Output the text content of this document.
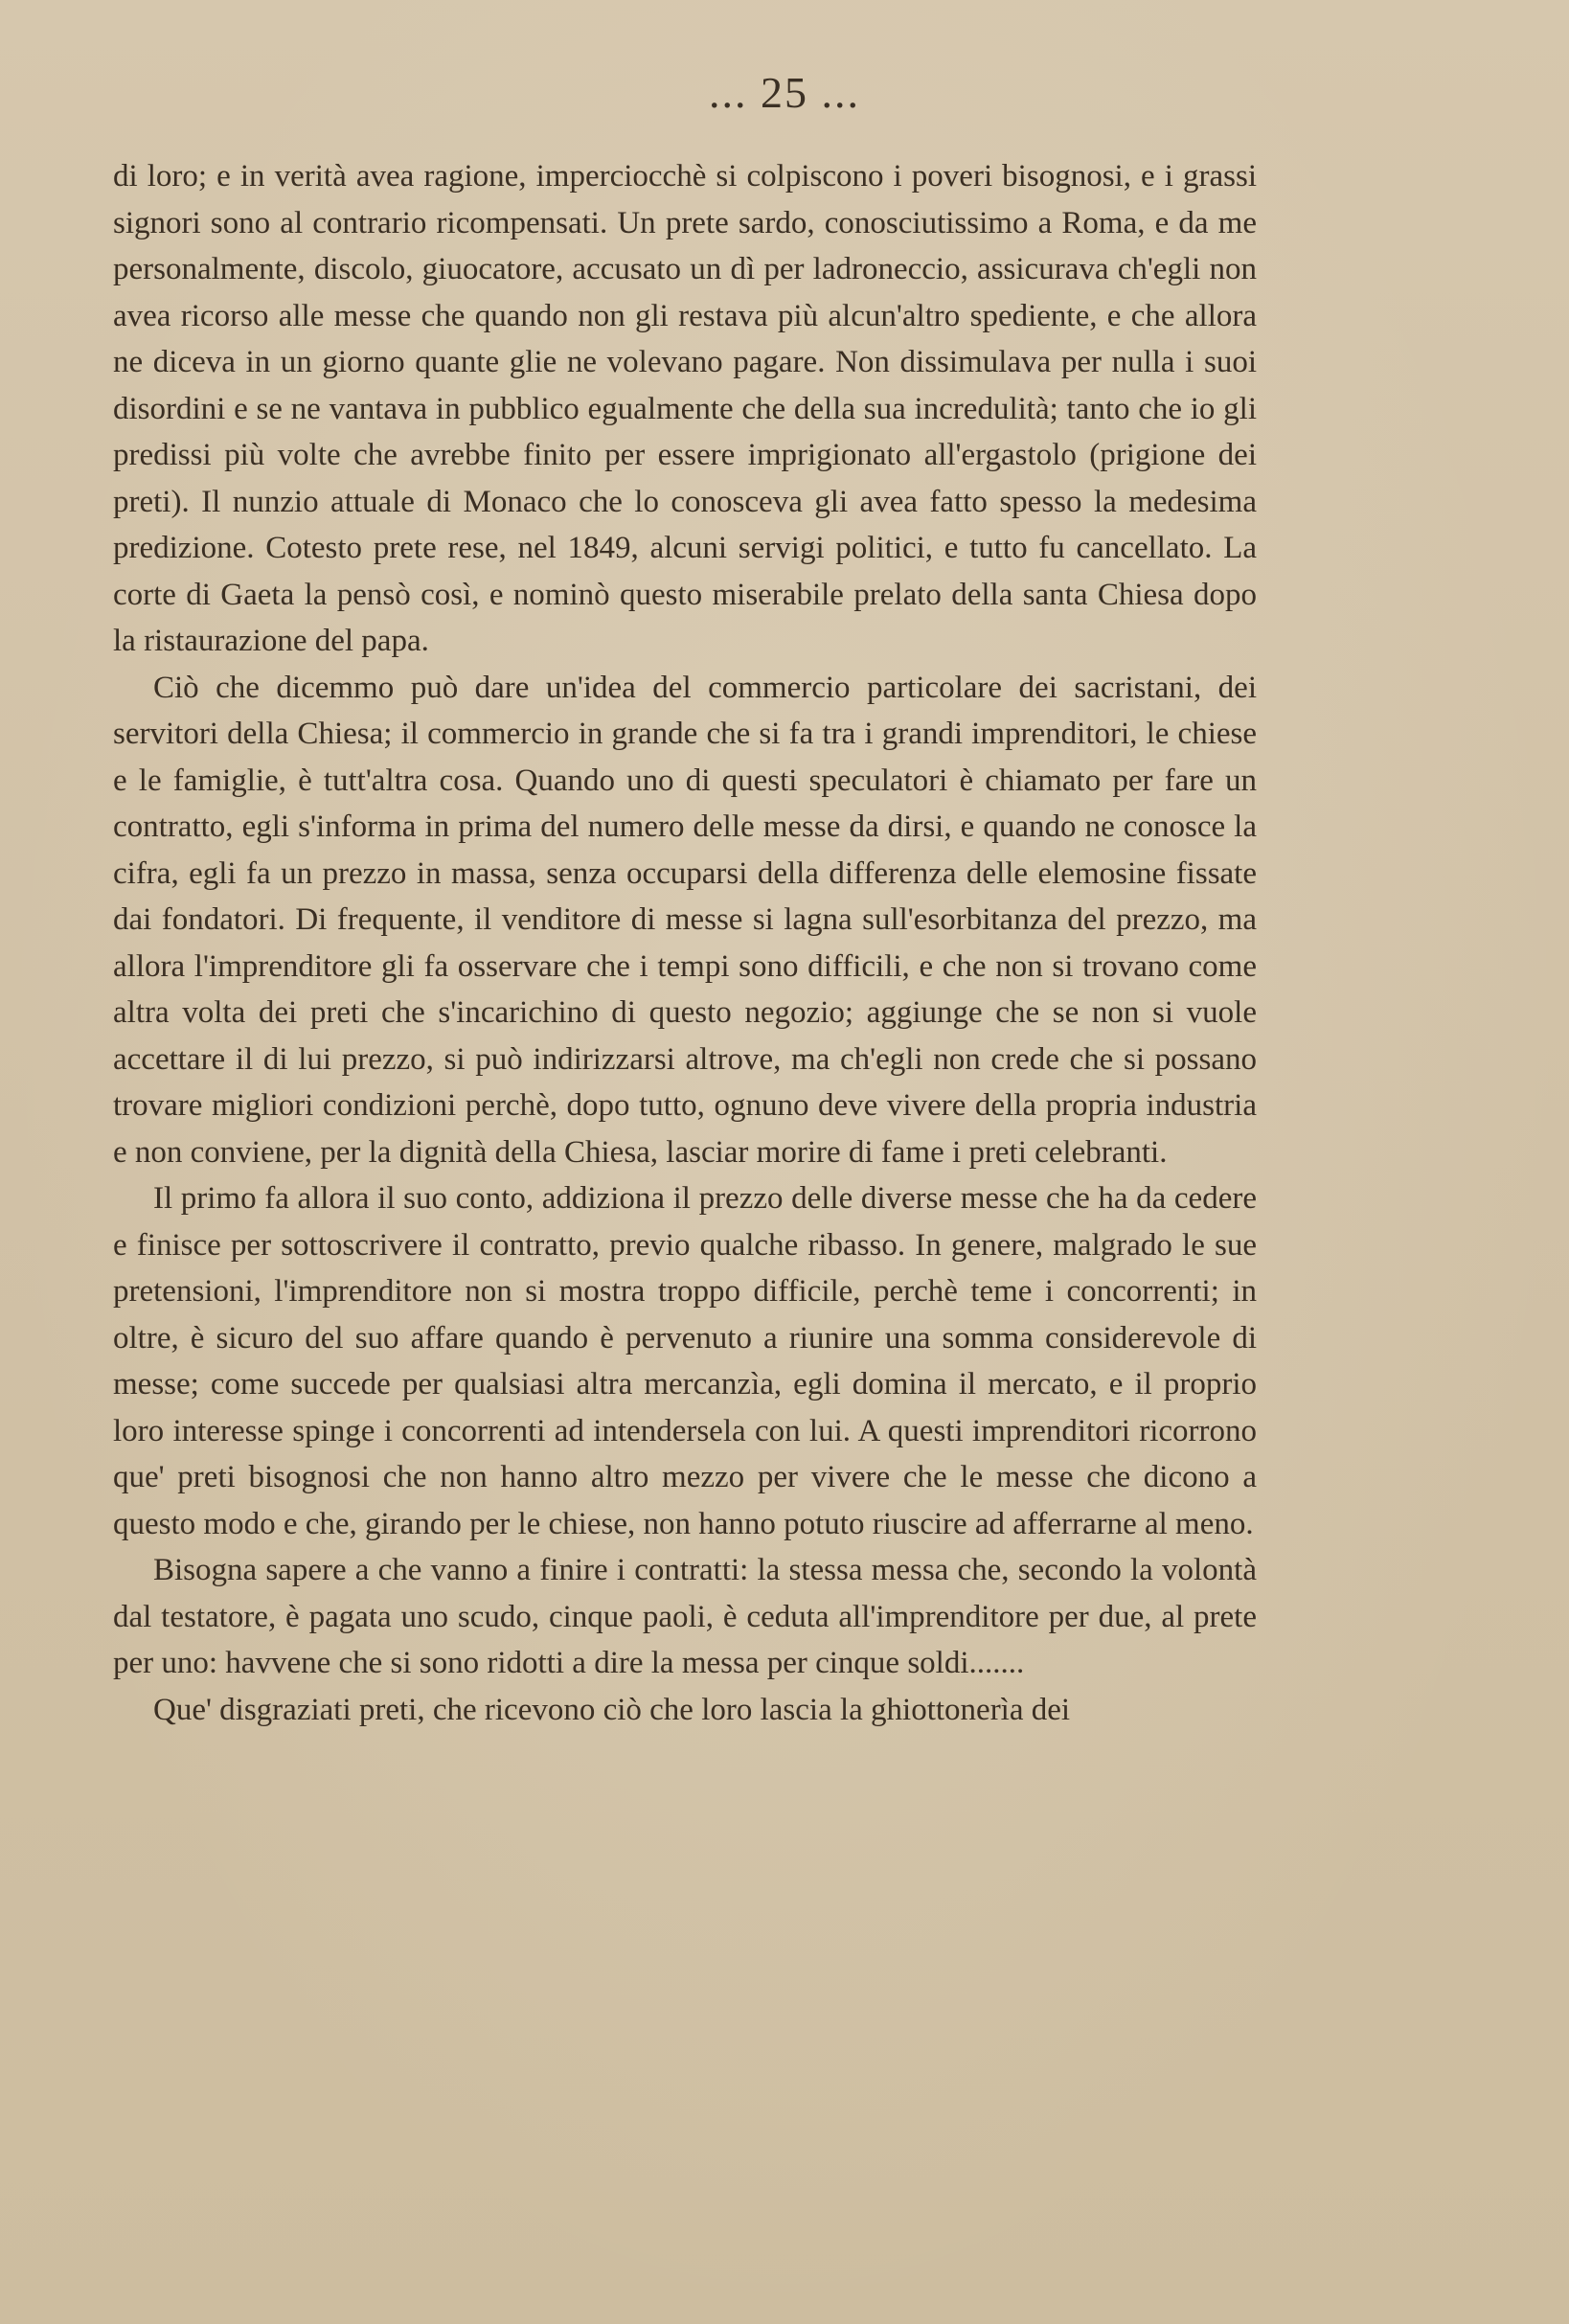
... 25 ...

di loro; e in verità avea ragione, imperciocchè si colpiscono i poveri bisognosi, e i grassi signori sono al contrario ricompensati. Un prete sardo, conosciutissimo a Roma, e da me personalmente, discolo, giuocatore, accusato un dì per ladroneccio, assicurava ch'egli non avea ricorso alle messe che quando non gli restava più alcun'altro spediente, e che allora ne diceva in un giorno quante glie ne volevano pagare. Non dissimulava per nulla i suoi disordini e se ne vantava in pubblico egualmente che della sua incredulità; tanto che io gli predissi più volte che avrebbe finito per essere imprigionato all'ergastolo (prigione dei preti). Il nunzio attuale di Monaco che lo conosceva gli avea fatto spesso la medesima predizione. Cotesto prete rese, nel 1849, alcuni servigi politici, e tutto fu cancellato. La corte di Gaeta la pensò così, e nominò questo miserabile prelato della santa Chiesa dopo la ristaurazione del papa.

Ciò che dicemmo può dare un'idea del commercio particolare dei sacristani, dei servitori della Chiesa; il commercio in grande che si fa tra i grandi imprenditori, le chiese e le famiglie, è tutt'altra cosa. Quando uno di questi speculatori è chiamato per fare un contratto, egli s'informa in prima del numero delle messe da dirsi, e quando ne conosce la cifra, egli fa un prezzo in massa, senza occuparsi della differenza delle elemosine fissate dai fondatori. Di frequente, il venditore di messe si lagna sull'esorbitanza del prezzo, ma allora l'imprenditore gli fa osservare che i tempi sono difficili, e che non si trovano come altra volta dei preti che s'incarichino di questo negozio; aggiunge che se non si vuole accettare il di lui prezzo, si può indirizzarsi altrove, ma ch'egli non crede che si possano trovare migliori condizioni perchè, dopo tutto, ognuno deve vivere della propria industria e non conviene, per la dignità della Chiesa, lasciar morire di fame i preti celebranti.

Il primo fa allora il suo conto, addiziona il prezzo delle diverse messe che ha da cedere e finisce per sottoscrivere il contratto, previo qualche ribasso. In genere, malgrado le sue pretensioni, l'imprenditore non si mostra troppo difficile, perchè teme i concorrenti; in oltre, è sicuro del suo affare quando è pervenuto a riunire una somma considerevole di messe; come succede per qualsiasi altra mercanzìa, egli domina il mercato, e il proprio loro interesse spinge i concorrenti ad intendersela con lui. A questi imprenditori ricorrono que' preti bisognosi che non hanno altro mezzo per vivere che le messe che dicono a questo modo e che, girando per le chiese, non hanno potuto riuscire ad afferrarne al meno.

Bisogna sapere a che vanno a finire i contratti: la stessa messa che, secondo la volontà dal testatore, è pagata uno scudo, cinque paoli, è ceduta all'imprenditore per due, al prete per uno: havvene che si sono ridotti a dire la messa per cinque soldi.......

Que' disgraziati preti, che ricevono ciò che loro lascia la ghiottonerìa dei
